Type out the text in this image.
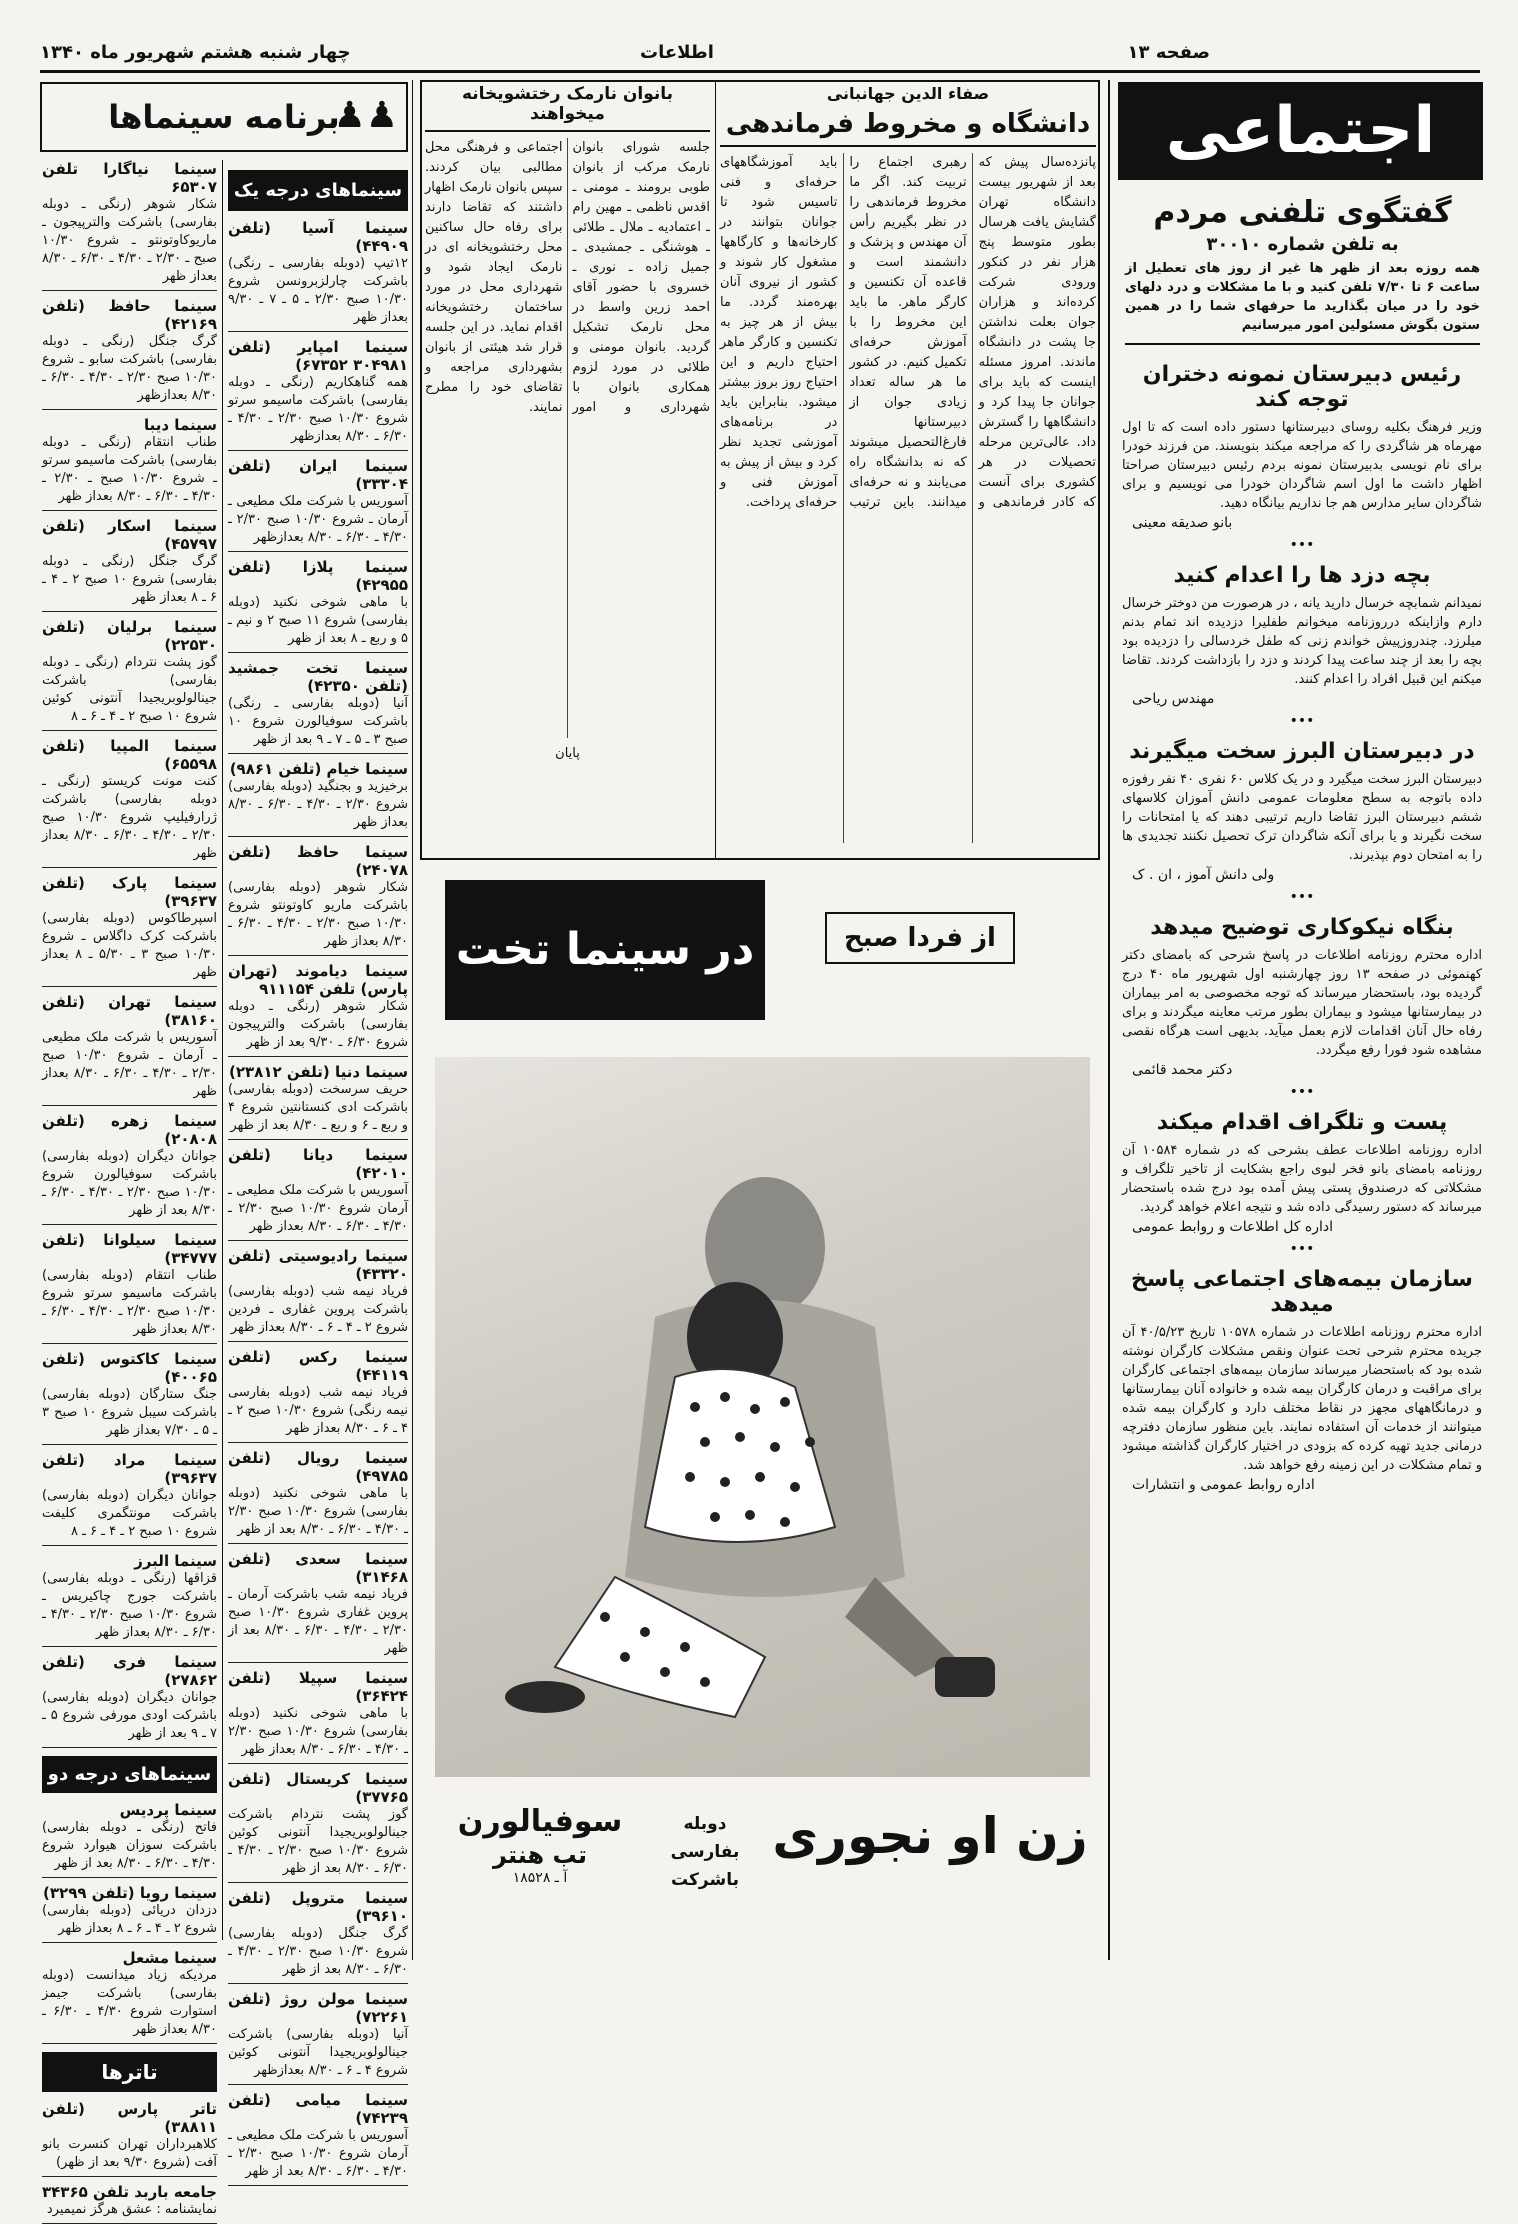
صفحه ۱۳
اطلاعات
چهار شنبه هشتم شهریور ماه ۱۳۴۰
اجتماعی
گفتگوی تلفنی مردم
به تلفن شماره ۳۰۰۱۰
همه روزه بعد از ظهر ها غیر از روز های تعطیل از ساعت ۶ تا ۷/۳۰ تلفن کنید و با ما مشکلات و درد دلهای خود را در میان بگذارید ما حرفهای شما را در همین ستون بگوش مسئولین امور میرسانیم
رئیس دبیرستان نمونه دختران توجه کند
وزیر فرهنگ بکلیه روسای دبیرستانها دستور داده است که تا اول مهرماه هر شاگردی را که مراجعه میکند بنویسند. من فرزند خودرا برای نام نویسی بدبیرستان نمونه بردم رئیس دبیرستان صراحتا اظهار داشت ما اول اسم شاگردان خودرا می نویسیم و برای شاگردان سایر مدارس هم جا نداریم بیانگاه دهید.
بانو صدیقه معینی
•••
بچه دزد ها را اعدام کنید
نمیدانم شمابچه خرسال دارید یانه ، در هرصورت من دوختر خرسال دارم وازاینکه درروزنامه میخوانم طفلیرا دزدیده اند تمام بدنم میلرزد. چندروزپیش خواندم زنی که طفل خردسالی را دزدیده بود بچه را بعد از چند ساعت پیدا کردند و دزد را بازداشت کردند. تقاضا میکنم این قبیل افراد را اعدام کنند.
مهندس ریاحی
•••
در دبیرستان البرز سخت میگیرند
دبیرستان البرز سخت میگیرد و در یک کلاس ۶۰ نفری ۴۰ نفر رفوزه داده باتوجه به سطح معلومات عمومی دانش آموزان کلاسهای ششم دبیرستان البرز تقاضا داریم ترتیبی دهند که یا امتحانات را سخت نگیرند و یا برای آنکه شاگردان ترک تحصیل نکنند تجدیدی ها را به امتحان دوم بپذیرند.
ولی دانش آموز ، ان . ک
•••
بنگاه نیکوکاری توضیح میدهد
اداره محترم روزنامه اطلاعات در پاسخ شرحی که بامضای دکتر کهنموئی در صفحه ۱۳ روز چهارشنبه اول شهریور ماه ۴۰ درج گردیده بود، باستحضار میرساند که توجه مخصوصی به امر بیماران در بیمارستانها میشود و بیماران بطور مرتب معاینه میگردند و برای رفاه حال آنان اقدامات لازم بعمل میآید. بدیهی است هرگاه نقصی مشاهده شود فورا رفع میگردد.
دکتر محمد قائمی
•••
پست و تلگراف اقدام میکند
اداره روزنامه اطلاعات عطف بشرحی که در شماره ۱۰۵۸۴ آن روزنامه بامضای بانو فخر لبوی راجع بشکایت از تاخیر تلگراف و مشکلاتی که درصندوق پستی پیش آمده بود درج شده باستحضار میرساند که دستور رسیدگی داده شد و نتیجه اعلام خواهد گردید.
اداره کل اطلاعات و روابط عمومی
•••
سازمان بیمه‌های اجتماعی پاسخ میدهد
اداره محترم روزنامه اطلاعات در شماره ۱۰۵۷۸ تاریخ ۴۰/۵/۲۳ آن جریده محترم شرحی تحت عنوان ونقص مشکلات کارگران نوشته شده بود که باستحضار میرساند سازمان بیمه‌های اجتماعی کارگران برای مراقبت و درمان کارگران بیمه شده و خانواده آنان بیمارستانها و درمانگاههای مجهز در نقاط مختلف دارد و کارگران بیمه شده میتوانند از خدمات آن استفاده نمایند. باین منظور سازمان دفترچه درمانی جدید تهیه کرده که بزودی در اختیار کارگران گذاشته میشود و تمام مشکلات در این زمینه رفع خواهد شد.
اداره روابط عمومی و انتشارات
صفاء الدین جهانبانی
دانشگاه و مخروط فرماندهی
پانزده‌سال پیش که بعد از شهریور بیست دانشگاه تهران گشایش یافت هرسال بطور متوسط پنج هزار نفر در کنکور ورودی شرکت کرده‌اند و هزاران جوان بعلت نداشتن جا پشت در دانشگاه ماندند. امروز مسئله اینست که باید برای جوانان جا پیدا کرد و دانشگاهها را گسترش داد. عالی‌ترین مرحله تحصیلات در هر کشوری برای آنست که کادر فرماندهی و رهبری اجتماع را تربیت کند. اگر ما مخروط فرماندهی را در نظر بگیریم رأس آن مهندس و پزشک و دانشمند است و قاعده آن تکنسین و کارگر ماهر. ما باید این مخروط را با آموزش حرفه‌ای تکمیل کنیم. در کشور ما هر ساله تعداد زیادی جوان از دبیرستانها فارغ‌التحصیل میشوند که نه بدانشگاه راه می‌یابند و نه حرفه‌ای میدانند. باین ترتیب باید آموزشگاههای حرفه‌ای و فنی تاسیس شود تا جوانان بتوانند در کارخانه‌ها و کارگاهها مشغول کار شوند و کشور از نیروی آنان بهره‌مند گردد. ما بیش از هر چیز به تکنسین و کارگر ماهر احتیاج داریم و این احتیاج روز بروز بیشتر میشود. بنابراین باید در برنامه‌های آموزشی تجدید نظر کرد و بیش از پیش به آموزش فنی و حرفه‌ای پرداخت.
بانوان نارمک رختشویخانه میخواهند
جلسه شورای بانوان نارمک مرکب از بانوان طوبی برومند ـ مومنی ـ اقدس ناظمی ـ مهین رام ـ اعتمادیه ـ ملال ـ طلائی ـ هوشنگی ـ جمشیدی ـ جمیل زاده ـ نوری ـ خسروی با حضور آقای احمد زرین واسط در محل نارمک تشکیل گردید. بانوان مومنی و طلائی در مورد لزوم همکاری بانوان با شهرداری و امور اجتماعی و فرهنگی محل مطالبی بیان کردند. سپس بانوان نارمک اظهار داشتند که تقاضا دارند برای رفاه حال ساکنین محل رختشویخانه ای در نارمک ایجاد شود و شهرداری محل در مورد ساختمان رختشویخانه اقدام نماید. در این جلسه قرار شد هیئتی از بانوان بشهرداری مراجعه و تقاضای خود را مطرح نمایند.
پایان
در سینما تخت	از فردا صبح
زن او نجوری
دوبله بفارسی
باشرکت
سوفیالورن
تب هنتر
آ ـ ۱۸۵۲۸
برنامه سینماها
♟♟
سینماهای درجه یک
سینما آسیا (تلفن ۴۴۹۰۹)
۱۲تیپ (دوبله بفارسی ـ رنگی) باشرکت چارلزبرونسن شروع ۱۰/۳۰ صبح ۲/۳۰ ـ ۵ ـ ۷ ـ ۹/۳۰ بعداز ظهر
سینما امپایر (تلفن ۳۰۴۹۸۱ ۶۷۳۵۲)
همه گناهکاریم (رنگی ـ دوبله بفارسی) باشرکت ماسیمو سرتو شروع ۱۰/۳۰ صبح ۲/۳۰ ـ ۴/۳۰ ـ ۶/۳۰ ـ ۸/۳۰ بعدازظهر
سینما ایران (تلفن ۳۳۳۰۴)
آسوریس با شرکت ملک مطیعی ـ آرمان ـ شروع ۱۰/۳۰ صبح ۲/۳۰ ـ ۴/۳۰ ـ ۶/۳۰ ـ ۸/۳۰ بعدازظهر
سینما پلازا (تلفن ۴۲۹۵۵)
با ماهی شوخی نکنید (دوبله بفارسی) شروع ۱۱ صبح ۲ و نیم ـ ۵ و ربع ـ ۸ بعد از ظهر
سینما تخت جمشید (تلفن ۴۲۳۵۰)
آنیا (دوبله بفارسی ـ رنگی) باشرکت سوفیالورن شروع ۱۰ صبح ۳ ـ ۵ ـ ۷ ـ ۹ بعد از ظهر
سینما خیام (تلفن ۹۸۶۱)
برخیزید و بجنگید (دوبله بفارسی) شروع ۲/۳۰ ـ ۴/۳۰ ـ ۶/۳۰ ـ ۸/۳۰ بعداز ظهر
سینما حافظ (تلفن ۲۴۰۷۸)
شکار شوهر (دوبله بفارسی) باشرکت ماریو کاوتونتو شروع ۱۰/۳۰ صبح ۲/۳۰ ـ ۴/۳۰ ـ ۶/۳۰ ـ ۸/۳۰ بعداز ظهر
سینما دیاموند (تهران پارس) تلفن ۹۱۱۱۵۴
شکار شوهر (رنگی ـ دوبله بفارسی) باشرکت والترپیجون شروع ۶/۳۰ ـ ۹/۳۰ بعد از ظهر
سینما دنیا (تلفن ۲۳۸۱۲)
حریف سرسخت (دوبله بفارسی) باشرکت ادی کنستانتین شروع ۴ و ربع ـ ۶ و ربع ـ ۸/۳۰ بعد از ظهر
سینما دیانا (تلفن ۴۲۰۱۰)
آسوریس با شرکت ملک مطیعی ـ آرمان شروع ۱۰/۳۰ صبح ۲/۳۰ ـ ۴/۳۰ ـ ۶/۳۰ ـ ۸/۳۰ بعداز ظهر
سینما رادیوسیتی (تلفن ۴۳۳۲۰)
فریاد نیمه شب (دوبله بفارسی) باشرکت پروین غفاری ـ فردین شروع ۲ ـ ۴ ـ ۶ ـ ۸/۳۰ بعداز ظهر
سینما رکس (تلفن ۴۴۱۱۹)
فریاد نیمه شب (دوبله بفارسی نیمه رنگی) شروع ۱۰/۳۰ صبح ۲ ـ ۴ ـ ۶ ـ ۸/۳۰ بعداز ظهر
سینما رویال (تلفن ۴۹۷۸۵)
با ماهی شوخی نکنید (دوبله بفارسی) شروع ۱۰/۳۰ صبح ۲/۳۰ ـ ۴/۳۰ ـ ۶/۳۰ ـ ۸/۳۰ بعد از ظهر
سینما سعدی (تلفن ۳۱۴۶۸)
فریاد نیمه شب باشرکت آرمان ـ پروین غفاری شروع ۱۰/۳۰ صبح ۲/۳۰ ـ ۴/۳۰ ـ ۶/۳۰ ـ ۸/۳۰ بعد از ظهر
سینما سپیلا (تلفن ۳۶۴۲۴)
با ماهی شوخی نکنید (دوبله بفارسی) شروع ۱۰/۳۰ صبح ۲/۳۰ ـ ۴/۳۰ ـ ۶/۳۰ ـ ۸/۳۰ بعداز ظهر
سینما کریستال (تلفن ۳۷۷۶۵)
گوز پشت نتردام باشرکت جینالولوبریجیدا آنتونی کوئین شروع ۱۰/۳۰ صبح ۲/۳۰ ـ ۴/۳۰ ـ ۶/۳۰ ـ ۸/۳۰ بعد از ظهر
سینما متروپل (تلفن ۳۹۶۱۰)
گرگ جنگل (دوبله بفارسی) شروع ۱۰/۳۰ صبح ۲/۳۰ ـ ۴/۳۰ ـ ۶/۳۰ ـ ۸/۳۰ بعد از ظهر
سینما مولن روژ (تلفن ۷۲۲۶۱)
آنیا (دوبله بفارسی) باشرکت جینالولوبریجیدا آنتونی کوئین شروع ۴ ـ ۶ ـ ۸/۳۰ بعدازظهر
سینما میامی (تلفن ۷۴۲۳۹)
آسوریس با شرکت ملک مطیعی ـ آرمان شروع ۱۰/۳۰ صبح ۲/۳۰ ـ ۴/۳۰ ـ ۶/۳۰ ـ ۸/۳۰ بعد از ظهر
سینما نیاگارا تلفن ۶۵۳۰۷
شکار شوهر (رنگی ـ دوبله بفارسی) باشرکت والترپیجون ـ ماریوکاوتونتو ـ شروع ۱۰/۳۰ صبح ـ ۲/۳۰ ـ ۴/۳۰ ـ ۶/۳۰ ـ ۸/۳۰ بعداز ظهر
سینما حافظ (تلفن ۴۲۱۶۹)
گرگ جنگل (رنگی ـ دوبله بفارسی) باشرکت سابو ـ شروع ۱۰/۳۰ صبح ۲/۳۰ ـ ۴/۳۰ ـ ۶/۳۰ ـ ۸/۳۰ بعدازظهر
سینما دیبا
طناب انتقام (رنگی ـ دوبله بفارسی) باشرکت ماسیمو سرتو ـ شروع ۱۰/۳۰ صبح ـ ۲/۳۰ ـ ۴/۳۰ ـ ۶/۳۰ ـ ۸/۳۰ بعداز ظهر
سینما اسکار (تلفن ۴۵۷۹۷)
گرگ جنگل (رنگی ـ دوبله بفارسی) شروع ۱۰ صبح ۲ ـ ۴ ـ ۶ ـ ۸ بعداز ظهر
سینما برلیان (تلفن ۲۲۵۳۰)
گوز پشت نتردام (رنگی ـ دوبله بفارسی) باشرکت جینالولوبریجیدا آنتونی کوئین شروع ۱۰ صبح ۲ ـ ۴ ـ ۶ ـ ۸
سینما المپیا (تلفن ۶۵۵۹۸)
کنت مونت کریستو (رنگی ـ دوبله بفارسی) باشرکت ژرارفیلیپ شروع ۱۰/۳۰ صبح ۲/۳۰ ـ ۴/۳۰ ـ ۶/۳۰ ـ ۸/۳۰ بعداز ظهر
سینما پارک (تلفن ۳۹۶۳۷)
اسپرطاکوس (دوبله بفارسی) باشرکت کرک داگلاس ـ شروع ۱۰/۳۰ صبح ۳ ـ ۵/۳۰ ـ ۸ بعداز ظهر
سینما تهران (تلفن ۳۸۱۶۰)
آسوریس با شرکت ملک مطیعی ـ آرمان ـ شروع ۱۰/۳۰ صبح ۲/۳۰ ـ ۴/۳۰ ـ ۶/۳۰ ـ ۸/۳۰ بعداز ظهر
سینما زهره (تلفن ۲۰۸۰۸)
جوانان دیگران (دوبله بفارسی) باشرکت سوفیالورن شروع ۱۰/۳۰ صبح ۲/۳۰ ـ ۴/۳۰ ـ ۶/۳۰ ـ ۸/۳۰ بعد از ظهر
سینما سیلوانا (تلفن ۳۴۷۷۷)
طناب انتقام (دوبله بفارسی) باشرکت ماسیمو سرتو شروع ۱۰/۳۰ صبح ۲/۳۰ ـ ۴/۳۰ ـ ۶/۳۰ ـ ۸/۳۰ بعداز ظهر
سینما کاکتوس (تلفن ۴۰۰۶۵)
جنگ ستارگان (دوبله بفارسی) باشرکت سیبل شروع ۱۰ صبح ۳ ـ ۵ ـ ۷/۳۰ بعداز ظهر
سینما مراد (تلفن ۳۹۶۳۷)
جوانان دیگران (دوبله بفارسی) باشرکت مونتگمری کلیفت شروع ۱۰ صبح ۲ ـ ۴ ـ ۶ ـ ۸
سینما البرز
قزاقها (رنگی ـ دوبله بفارسی) باشرکت جورج چاکیریس ـ شروع ۱۰/۳۰ صبح ۲/۳۰ ـ ۴/۳۰ ـ ۶/۳۰ ـ ۸/۳۰ بعداز ظهر
سینما فری (تلفن ۲۷۸۶۲)
جوانان دیگران (دوبله بفارسی) باشرکت اودی مورفی شروع ۵ ـ ۷ ـ ۹ بعد از ظهر
سینماهای درجه دو
سینما پردیس
فاتح (رنگی ـ دوبله بفارسی) باشرکت سوزان هیوارد شروع ۴/۳۰ ـ ۶/۳۰ ـ ۸/۳۰ بعد از ظهر
سینما رویا (تلفن ۳۲۹۹)
دزدان دریائی (دوبله بفارسی) شروع ۲ ـ ۴ ـ ۶ ـ ۸ بعداز ظهر
سینما مشعل
مردیکه زیاد میدانست (دوبله بفارسی) باشرکت جیمز استوارت شروع ۴/۳۰ ـ ۶/۳۰ ـ ۸/۳۰ بعداز ظهر
تاترها
تاتر پارس (تلفن ۳۸۸۱۱)
کلاهبرداران تهران کنسرت بانو آفت (شروع ۹/۳۰ بعد از ظهر)
جامعه باربد تلفن ۳۴۳۶۵
نمایشنامه : عشق هرگز نمیمیرد
